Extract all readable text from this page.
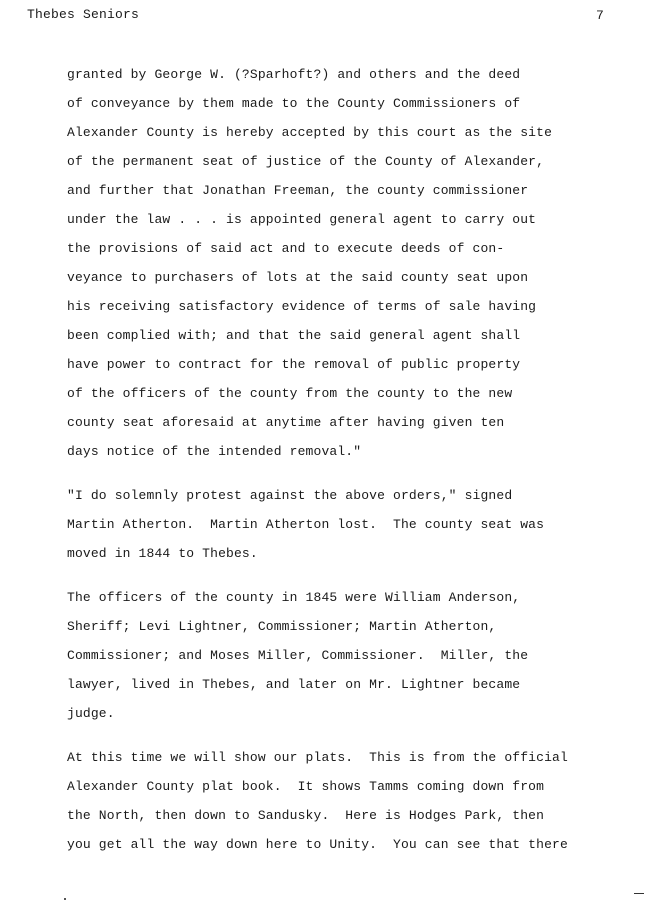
Thebes Seniors	7
granted by George W. (?Sparhoft?) and others and the deed
of conveyance by them made to the County Commissioners of
Alexander County is hereby accepted by this court as the site
of the permanent seat of justice of the County of Alexander,
and further that Jonathan Freeman, the county commissioner
under the law . . . is appointed general agent to carry out
the provisions of said act and to execute deeds of con-
veyance to purchasers of lots at the said county seat upon
his receiving satisfactory evidence of terms of sale having
been complied with; and that the said general agent shall
have power to contract for the removal of public property
of the officers of the county from the county to the new
county seat aforesaid at anytime after having given ten
days notice of the intended removal."
"I do solemnly protest against the above orders," signed
Martin Atherton.  Martin Atherton lost.  The county seat was
moved in 1844 to Thebes.
The officers of the county in 1845 were William Anderson,
Sheriff; Levi Lightner, Commissioner; Martin Atherton,
Commissioner; and Moses Miller, Commissioner.  Miller, the
lawyer, lived in Thebes, and later on Mr. Lightner became
judge.
At this time we will show our plats.  This is from the official
Alexander County plat book.  It shows Tamms coming down from
the North, then down to Sandusky.  Here is Hodges Park, then
you get all the way down here to Unity.  You can see that there
